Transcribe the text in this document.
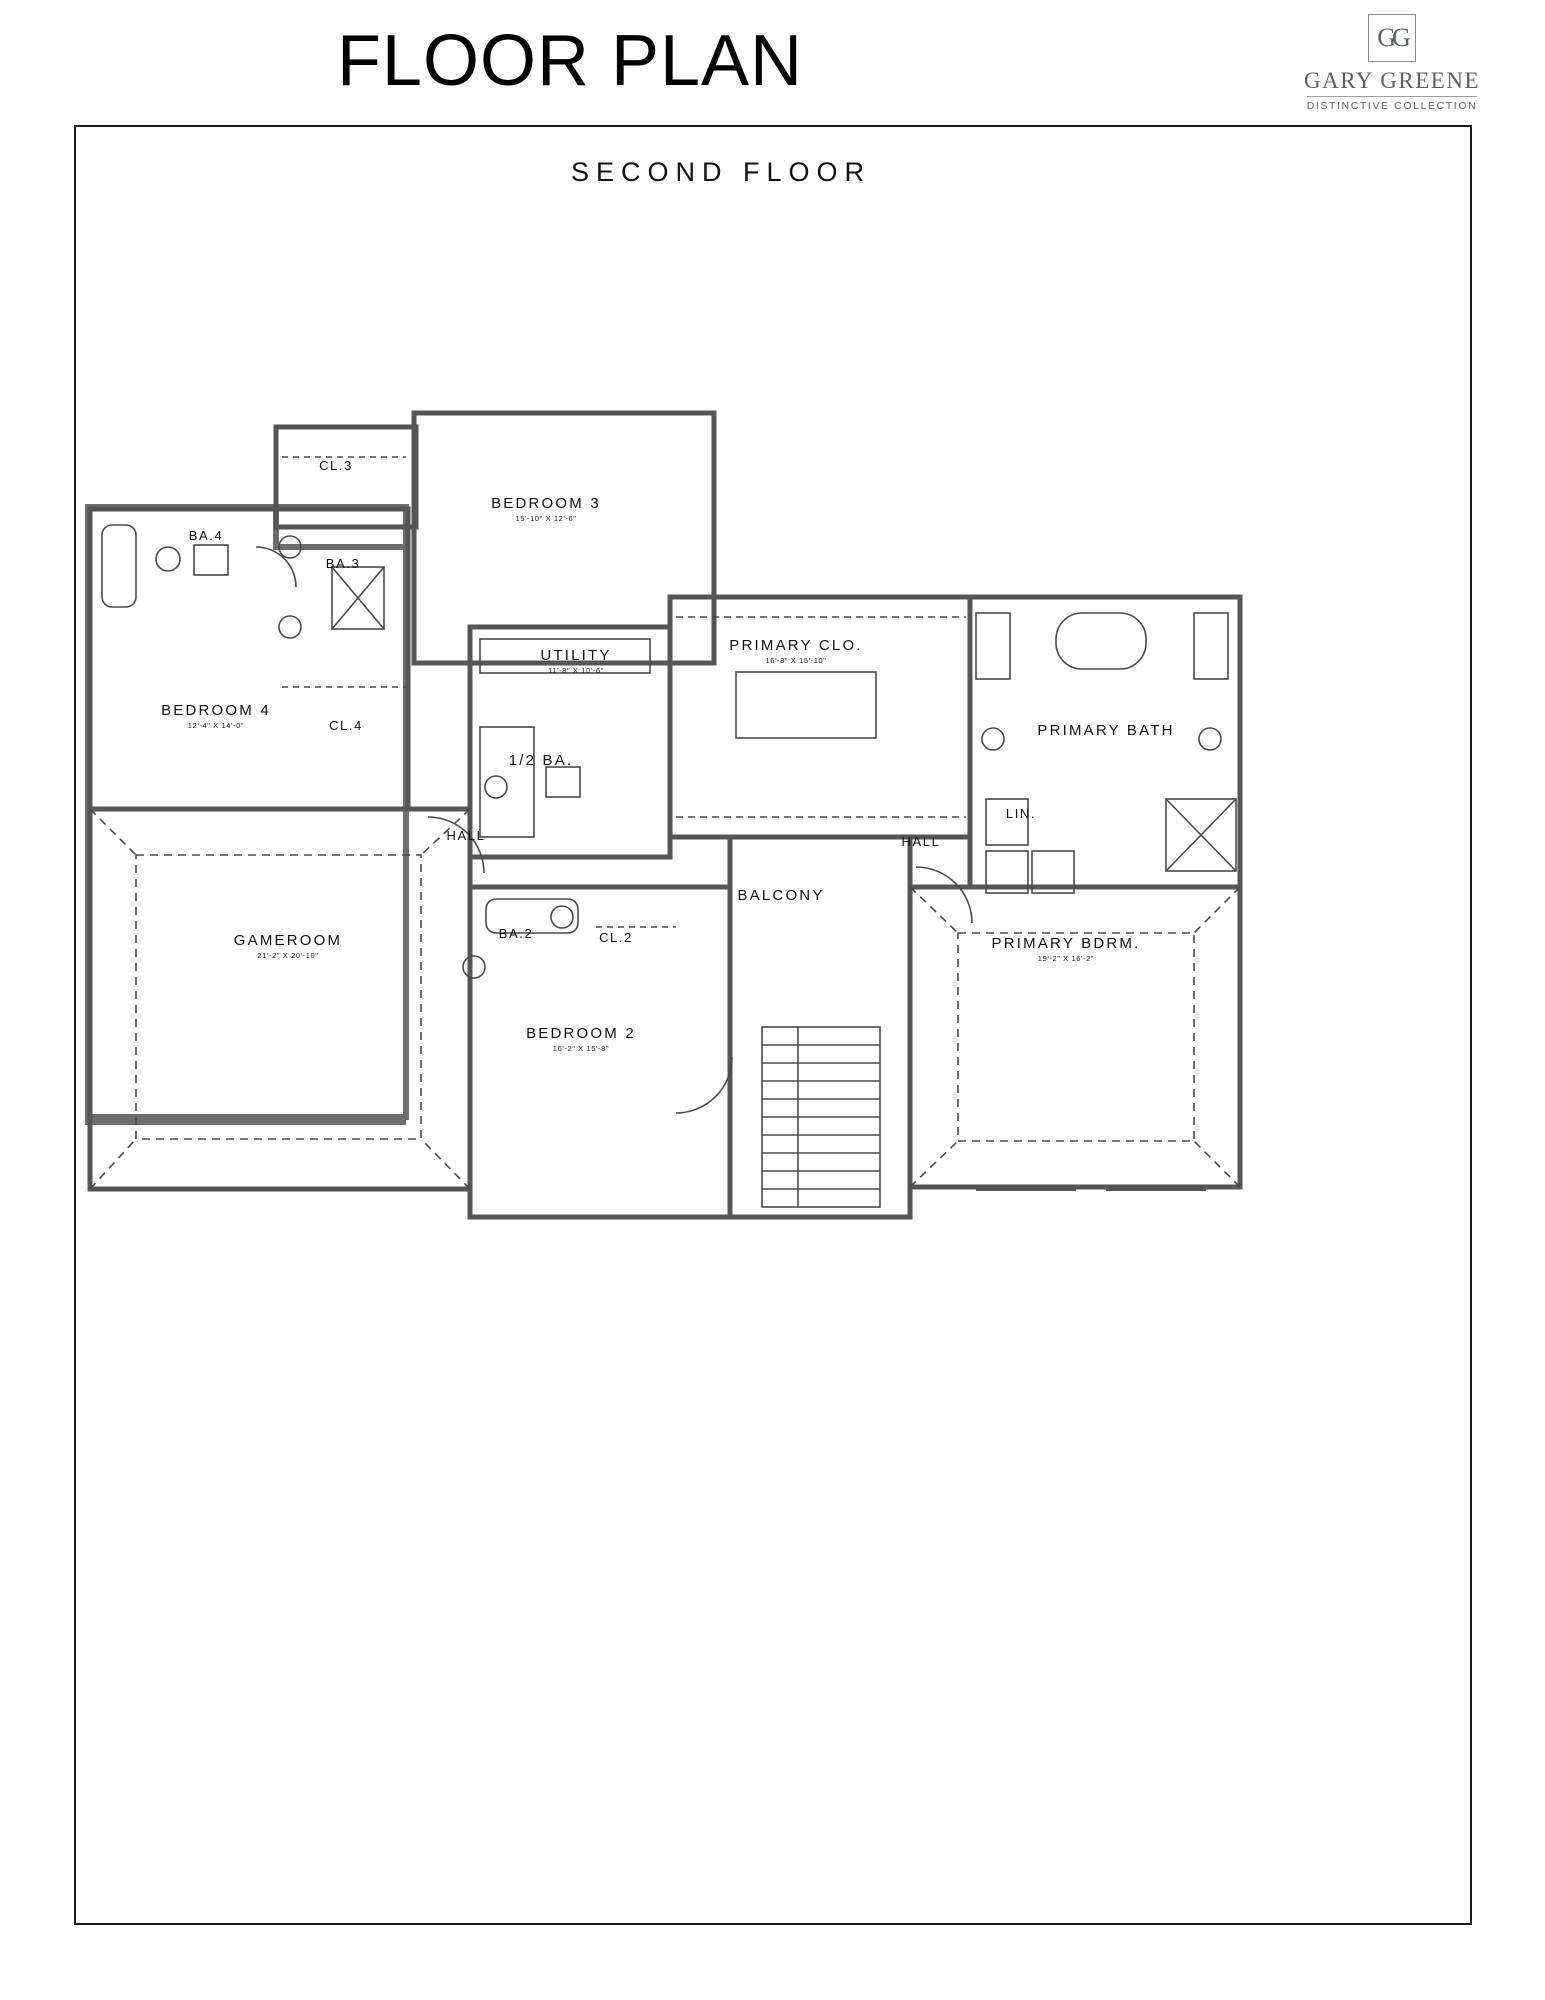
FLOOR PLAN	GG
GARY GREENE
DISTINCTIVE COLLECTION
SECOND FLOOR
BEDROOM 3
15'-10" X 12'-6"
CL.3
BA.4
BA.3
BEDROOM 4
12'-4" X 14'-0"	CL.4
UTILITY
11'-8" X 10'-6"
PRIMARY CLO.
16'-8" X 15'-10"
PRIMARY BATH
1/2 BA.
LIN.
HALL	HALL
GAMEROOM
21'-2" X 20'-10"
BA.2	CL.2
BALCONY
PRIMARY BDRM.
19'-2" X 16'-2"
BEDROOM 2
16'-2" X 15'-8"
